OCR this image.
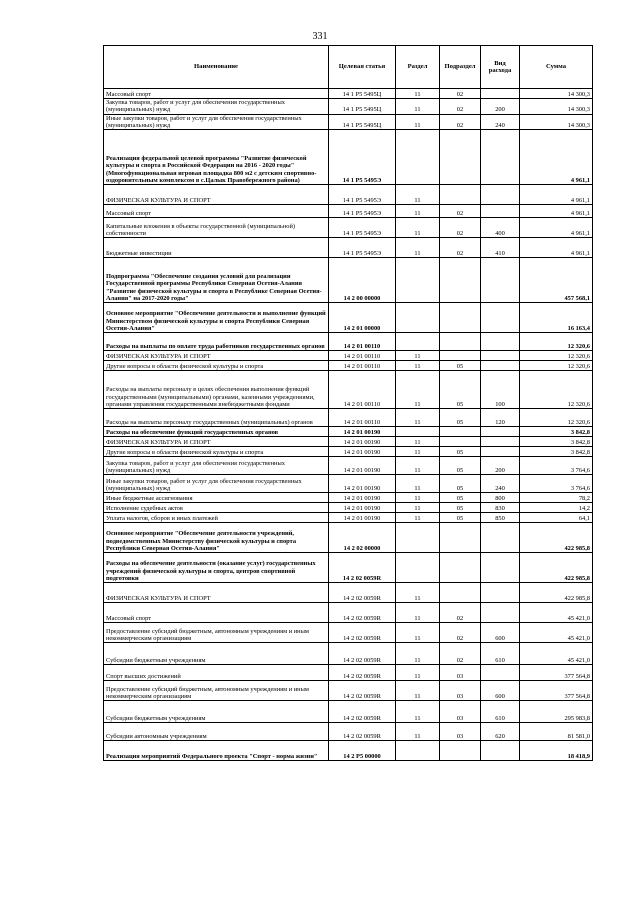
331
Наименование	Целевая статья	Раздел	Подраздел	Вид расхода	Сумма
Массовый спорт	14 1 P5 5495Ц	11	02		14 300,3
Закупка товаров, работ и услуг для обеспечения государственных (муниципальных) нужд	14 1 P5 5495Ц	11	02	200	14 300,3
Иные закупки товаров, работ и услуг для обеспечения государственных (муниципальных) нужд	14 1 P5 5495Ц	11	02	240	14 300,3
Реализация федеральной целевой программы "Развитие физической культуры и спорта в Российской Федерации на 2016 - 2020 годы"(Многофункциональная игровая площадка 800 м2 с детским спортивно-оздоровительным комплексом в с.Цалык Правобережного района)	14 1 P5 5495Э				4 961,1
ФИЗИЧЕСКАЯ КУЛЬТУРА И СПОРТ	14 1 P5 5495Э	11			4 961,1
Массовый спорт	14 1 P5 5495Э	11	02		4 961,1
Капитальные вложения в объекты государственной (муниципальной) собственности	14 1 P5 5495Э	11	02	400	4 961,1
Бюджетные инвестиции	14 1 P5 5495Э	11	02	410	4 961,1
Подпрограмма "Обеспечение создания условий для реализации Государственной программы Республики Северная Осетия-Алания "Развитие физической культуры и спорта в Республике Северная Осетия-Алания" на 2017-2020 годы"	14 2 00 00000				457 568,1
Основное мероприятие "Обеспечение деятельности и выполнение функций Министерством физической культуры и спорта Республики Северная Осетия-Алания"	14 2 01 00000				16 163,4
Расходы на выплаты по оплате труда работников государственных органов	14 2 01 00110				12 320,6
ФИЗИЧЕСКАЯ КУЛЬТУРА И СПОРТ	14 2 01 00110	11			12 320,6
Другие вопросы в области физической культуры и спорта	14 2 01 00110	11	05		12 320,6
Расходы на выплаты персоналу в целях обеспечения выполнения функций государственными (муниципальными) органами, казенными учреждениями, органами управления государственными внебюджетными фондами	14 2 01 00110	11	05	100	12 320,6
Расходы на выплаты персоналу государственных (муниципальных) органов	14 2 01 00110	11	05	120	12 320,6
Расходы на обеспечение функций государственных органов	14 2 01 00190				3 842,8
ФИЗИЧЕСКАЯ КУЛЬТУРА И СПОРТ	14 2 01 00190	11			3 842,8
Другие вопросы в области физической культуры и спорта	14 2 01 00190	11	05		3 842,8
Закупка товаров, работ и услуг для обеспечения государственных (муниципальных) нужд	14 2 01 00190	11	05	200	3 764,6
Иные закупки товаров, работ и услуг для обеспечения государственных (муниципальных) нужд	14 2 01 00190	11	05	240	3 764,6
Иные бюджетные ассигнования	14 2 01 00190	11	05	800	78,2
Исполнение судебных актов	14 2 01 00190	11	05	830	14,2
Уплата налогов, сборов и иных платежей	14 2 01 00190	11	05	850	64,1
Основное мероприятие "Обеспечение деятельности учреждений, подведомственных Министерству физической культуры и спорта Республики Северная Осетия-Алания"	14 2 02 00000				422 985,8
Расходы на обеспечение деятельности (оказание услуг) государственных учреждений физической культуры и спорта, центров спортивной подготовки	14 2 02 0059R				422 985,8
ФИЗИЧЕСКАЯ КУЛЬТУРА И СПОРТ	14 2 02 0059R	11			422 985,8
Массовый спорт	14 2 02 0059R	11	02		45 421,0
Предоставление субсидий бюджетным, автономным учреждениям и иным некоммерческим организациям	14 2 02 0059R	11	02	600	45 421,0
Субсидии бюджетным учреждениям	14 2 02 0059R	11	02	610	45 421,0
Спорт высших достижений	14 2 02 0059R	11	03		377 564,8
Предоставление субсидий бюджетным, автономным учреждениям и иным некоммерческим организациям	14 2 02 0059R	11	03	600	377 564,8
Субсидии бюджетным учреждениям	14 2 02 0059R	11	03	610	295 983,8
Субсидии автономным учреждениям	14 2 02 0059R	11	03	620	81 581,0
Реализация мероприятий Федерального проекта "Спорт - норма жизни"	14 2 P5 00000				18 418,9
